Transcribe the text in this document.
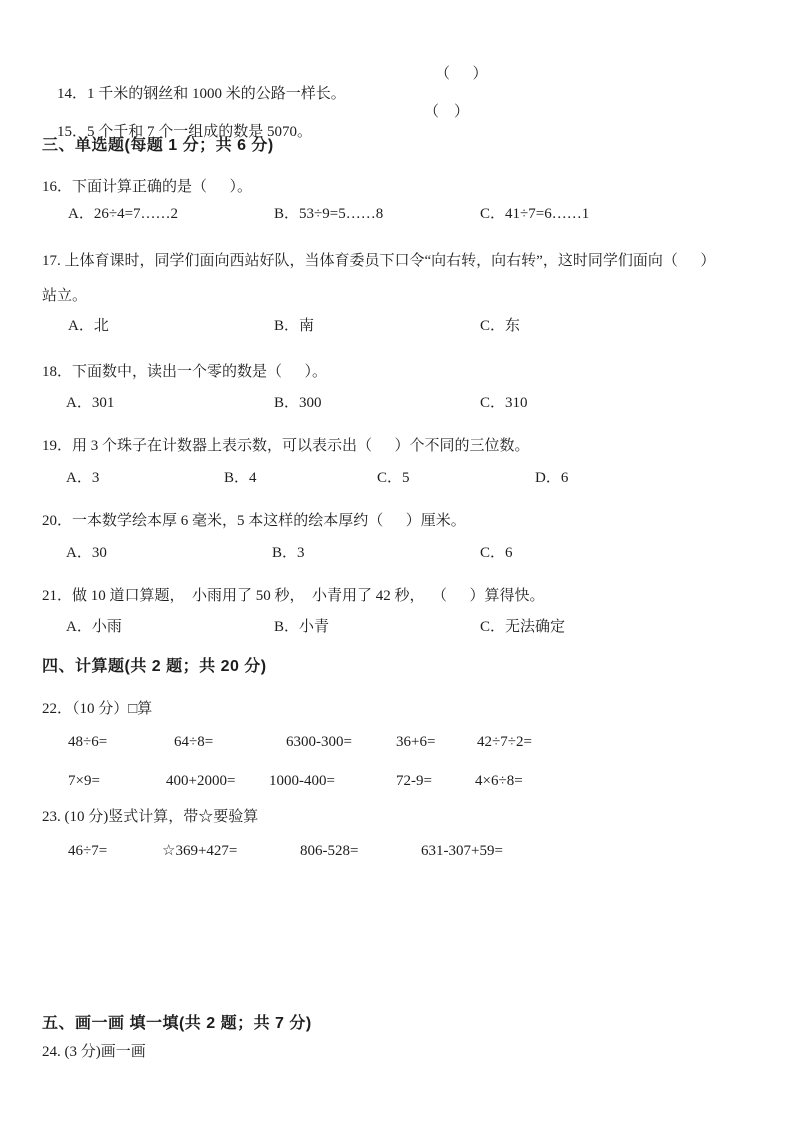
14．1 千米的钢丝和 1000 米的公路一样长。

（      ）

15．5 个千和 7 个一组成的数是 5070。

（    ）

三、单选题(每题 1 分；共 6 分)
16．下面计算正确的是（      ）。

A．26÷4=7……2

	B．53÷9=5……8

	C．41÷7=6……1

17. 上体育课时，同学们面向西站好队，当体育委员下口令“向右转，向右转”，这时同学们面向（      ）
站立。

A．北

	B．南

	C．东

18．下面数中，读出一个零的数是（      ）。

A．301

	B．300

	C．310

19．用 3 个珠子在计数器上表示数，可以表示出（      ）个不同的三位数。

A．3

	B．4

	C．5

	D．6

20．一本数学绘本厚 6 毫米，5 本这样的绘本厚约（      ）厘米。

A．30

	B．3

	C．6

21．做 10 道口算题，  小雨用了 50 秒，  小青用了 42 秒，  （      ）算得快。

A．小雨

	B．小青

	C．无法确定

四、计算题(共 2 题；共 20 分)
22．（10 分）□算

48÷6=

	64÷8=

	6300-300=

	36+6=

	42÷7÷2=

7×9=

	400+2000=

1000-400=

	72-9=

	4×6÷8=

23. (10 分)竖式计算，带☆要验算

46÷7=

	☆369+427=

	806-528=

	631-307+59=

五、画一画 填一填(共 2 题；共 7 分)
24. (3 分)画一画
